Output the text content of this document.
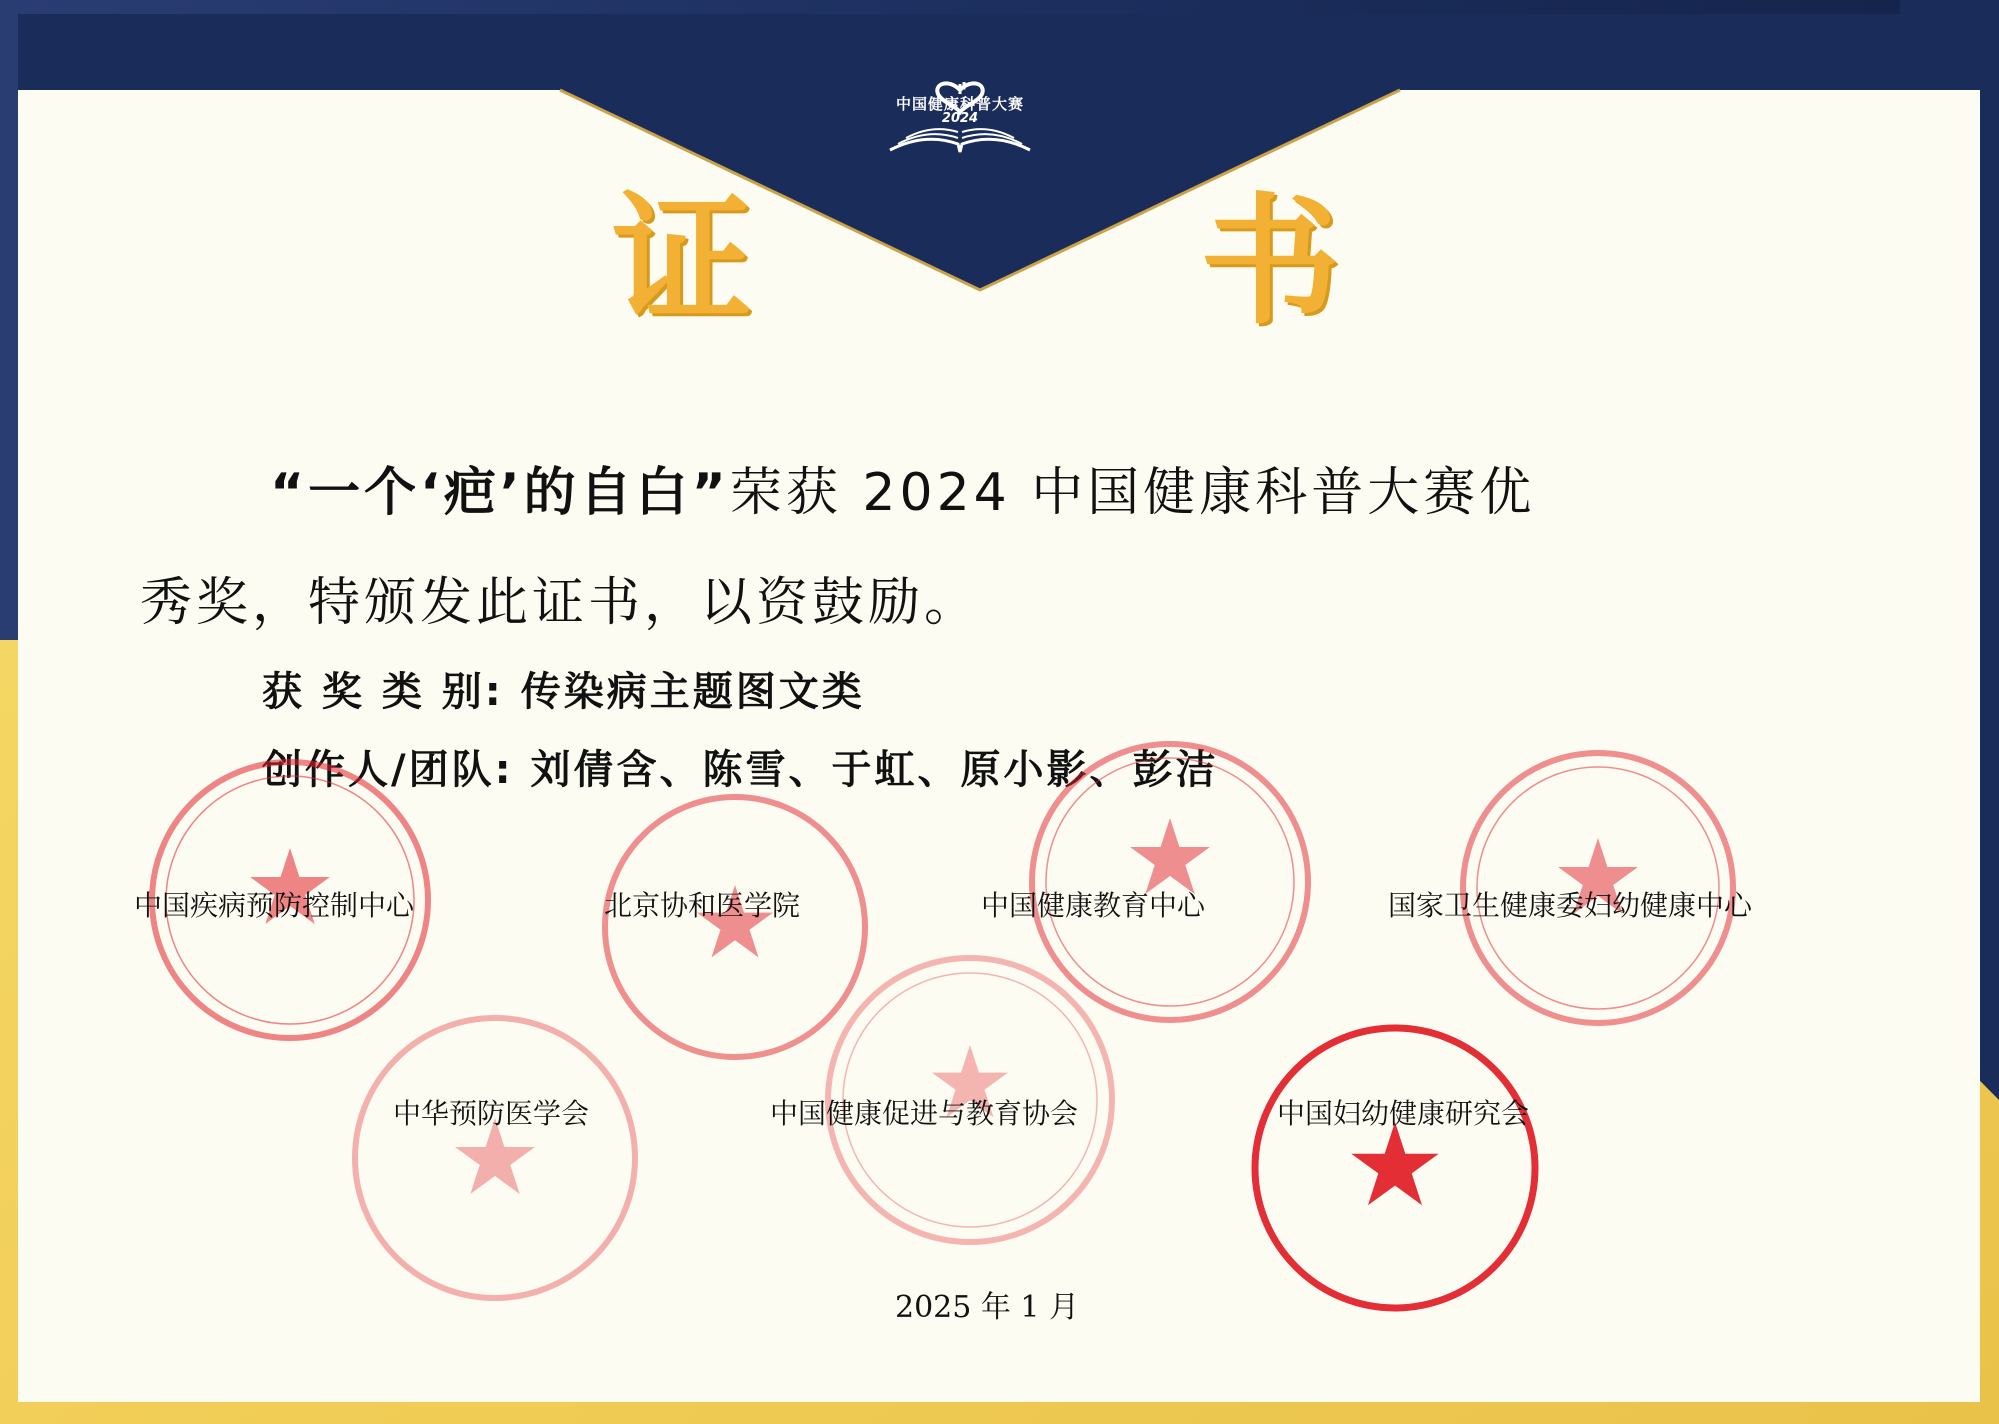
中国健康科普大赛
2024
证	书
“一个‘疤’的自白”荣获 2024 中国健康科普大赛优
秀奖，特颁发此证书，以资鼓励。
获 奖 类 别: 传染病主题图文类
创作人/团队: 刘倩含、陈雪、于虹、原小影、彭洁
中国疾病预防控制中心	北京协和医学院	中国健康教育中心	国家卫生健康委妇幼健康中心
中华预防医学会	中国健康促进与教育协会	中国妇幼健康研究会
2025 年 1 月
